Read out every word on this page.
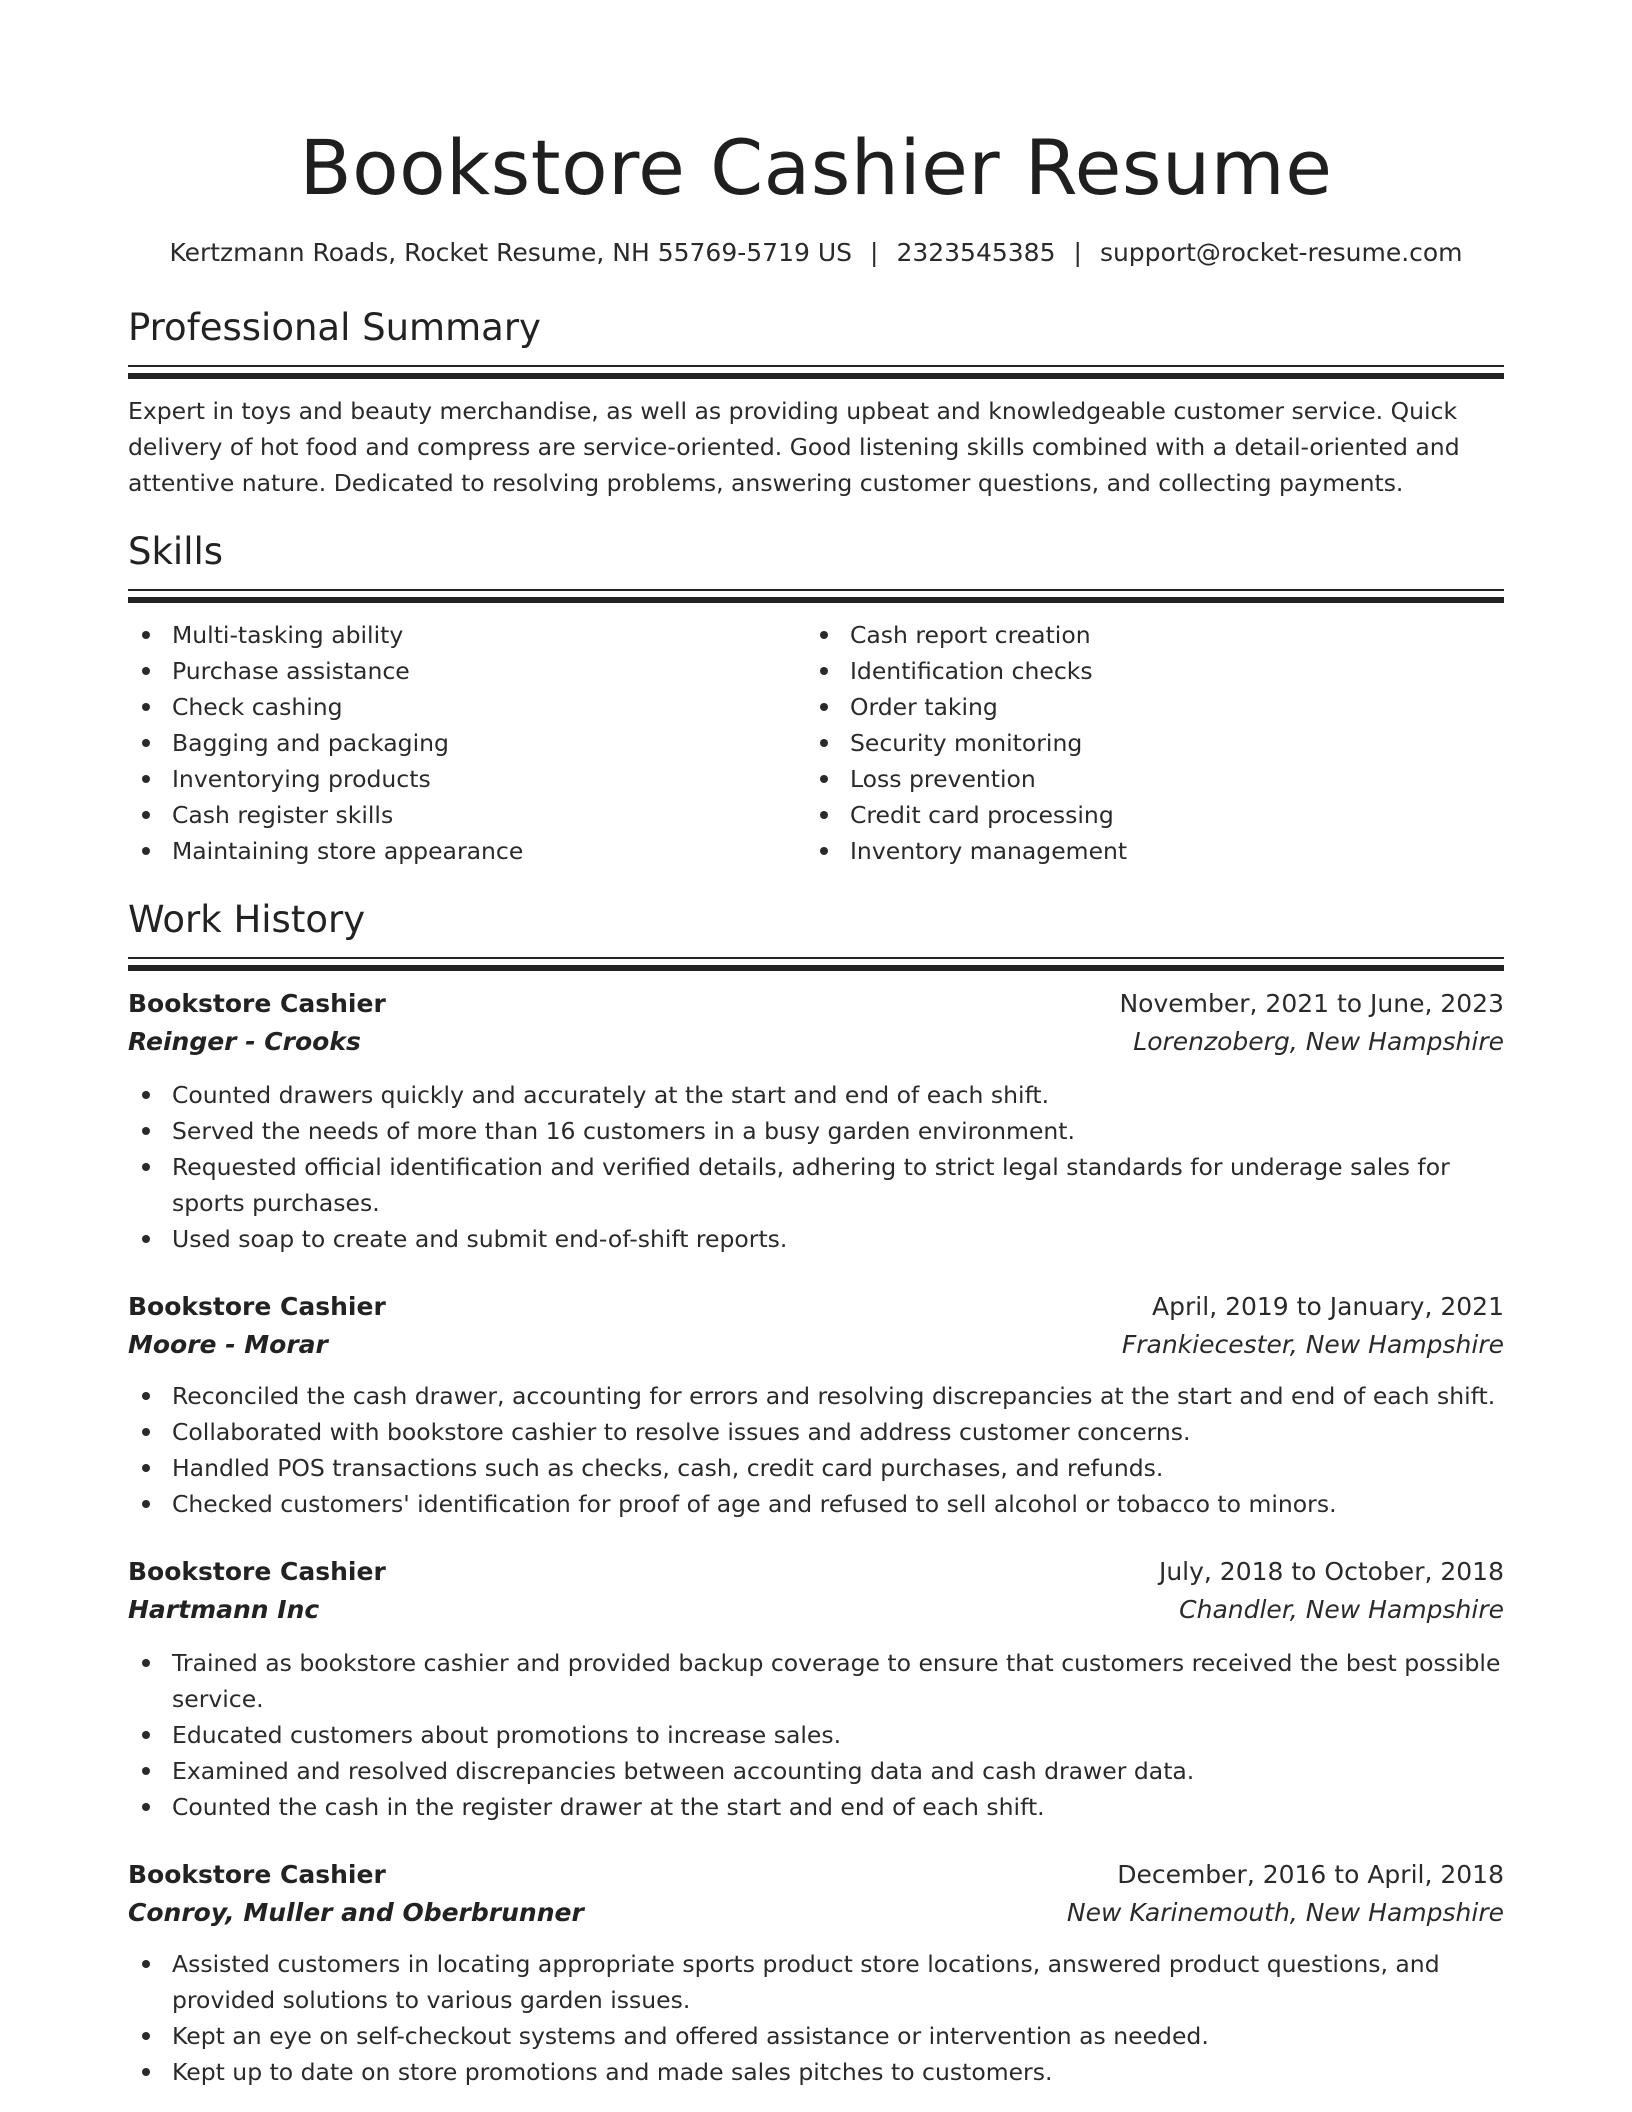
Bookstore Cashier Resume
Kertzmann Roads, Rocket Resume, NH 55769-5719 US | 2323545385 | support@rocket-resume.com
Professional Summary

Expert in toys and beauty merchandise, as well as providing upbeat and knowledgeable customer service. Quick delivery of hot food and compress are service-oriented. Good listening skills combined with a detail-oriented and attentive nature. Dedicated to resolving problems, answering customer questions, and collecting payments.

Skills
Multi-tasking ability
Purchase assistance
Check cashing
Bagging and packaging
Inventorying products
Cash register skills
Maintaining store appearance
Cash report creation
Identification checks
Order taking
Security monitoring
Loss prevention
Credit card processing
Inventory management
Work History
Bookstore Cashier	November, 2021 to June, 2023
Reinger - Crooks	Lorenzoberg, New Hampshire
Counted drawers quickly and accurately at the start and end of each shift.
Served the needs of more than 16 customers in a busy garden environment.
Requested official identification and verified details, adhering to strict legal standards for underage sales for sports purchases.
Used soap to create and submit end-of-shift reports.
Bookstore Cashier	April, 2019 to January, 2021
Moore - Morar	Frankiecester, New Hampshire
Reconciled the cash drawer, accounting for errors and resolving discrepancies at the start and end of each shift.
Collaborated with bookstore cashier to resolve issues and address customer concerns.
Handled POS transactions such as checks, cash, credit card purchases, and refunds.
Checked customers' identification for proof of age and refused to sell alcohol or tobacco to minors.
Bookstore Cashier	July, 2018 to October, 2018
Hartmann Inc	Chandler, New Hampshire
Trained as bookstore cashier and provided backup coverage to ensure that customers received the best possible service.
Educated customers about promotions to increase sales.
Examined and resolved discrepancies between accounting data and cash drawer data.
Counted the cash in the register drawer at the start and end of each shift.
Bookstore Cashier	December, 2016 to April, 2018
Conroy, Muller and Oberbrunner	New Karinemouth, New Hampshire
Assisted customers in locating appropriate sports product store locations, answered product questions, and provided solutions to various garden issues.
Kept an eye on self-checkout systems and offered assistance or intervention as needed.
Kept up to date on store promotions and made sales pitches to customers.
